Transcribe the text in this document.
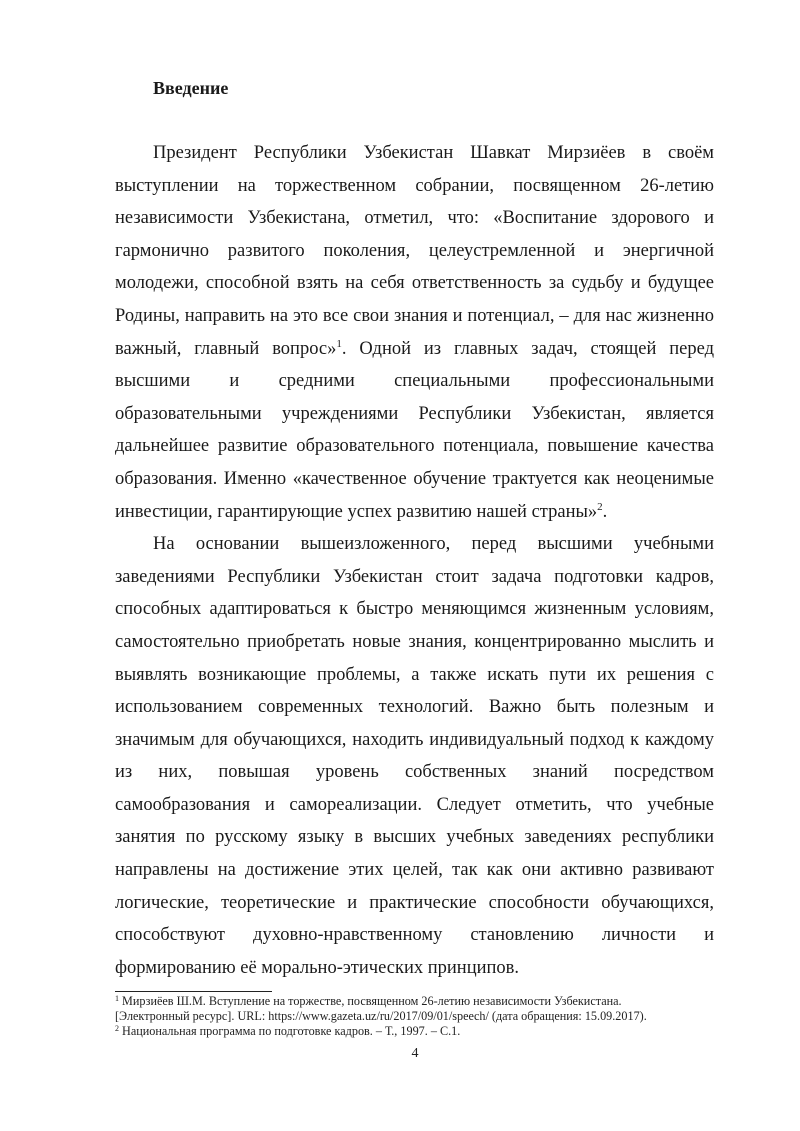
Введение

Президент Республики Узбекистан Шавкат Мирзиёев в своём выступлении на торжественном собрании, посвященном 26-летию независимости Узбекистана, отметил, что: «Воспитание здорового и гармонично развитого поколения, целеустремленной и энергичной молодежи, способной взять на себя ответственность за судьбу и будущее Родины, направить на это все свои знания и потенциал, – для нас жизненно важный, главный вопрос»$^1$. Одной из главных задач, стоящей перед высшими и средними специальными профессиональными образовательными учреждениями Республики Узбекистан, является дальнейшее развитие образовательного потенциала, повышение качества образования. Именно «качественное обучение трактуется как неоценимые инвестиции, гарантирующие успех развитию нашей страны»$^2$.

На основании вышеизложенного, перед высшими учебными заведениями Республики Узбекистан стоит задача подготовки кадров, способных адаптироваться к быстро меняющимся жизненным условиям, самостоятельно приобретать новые знания, концентрированно мыслить и выявлять возникающие проблемы, а также искать пути их решения с использованием современных технологий. Важно быть полезным и значимым для обучающихся, находить индивидуальный подход к каждому из них, повышая уровень собственных знаний посредством самообразования и самореализации. Следует отметить, что учебные занятия по русскому языку в высших учебных заведениях республики направлены на достижение этих целей, так как они активно развивают логические, теоретические и практические способности обучающихся, способствуют духовно-нравственному становлению личности и формированию её морально-этических принципов.

$^1$ Мирзиёев Ш.М. Вступление на торжестве, посвященном 26-летию независимости Узбекистана.
[Электронный ресурс]. URL: https://www.gazeta.uz/ru/2017/09/01/speech/ (дата обращения: 15.09.2017).
$^2$ Национальная программа по подготовке кадров. – Т., 1997. – С.1.
4
